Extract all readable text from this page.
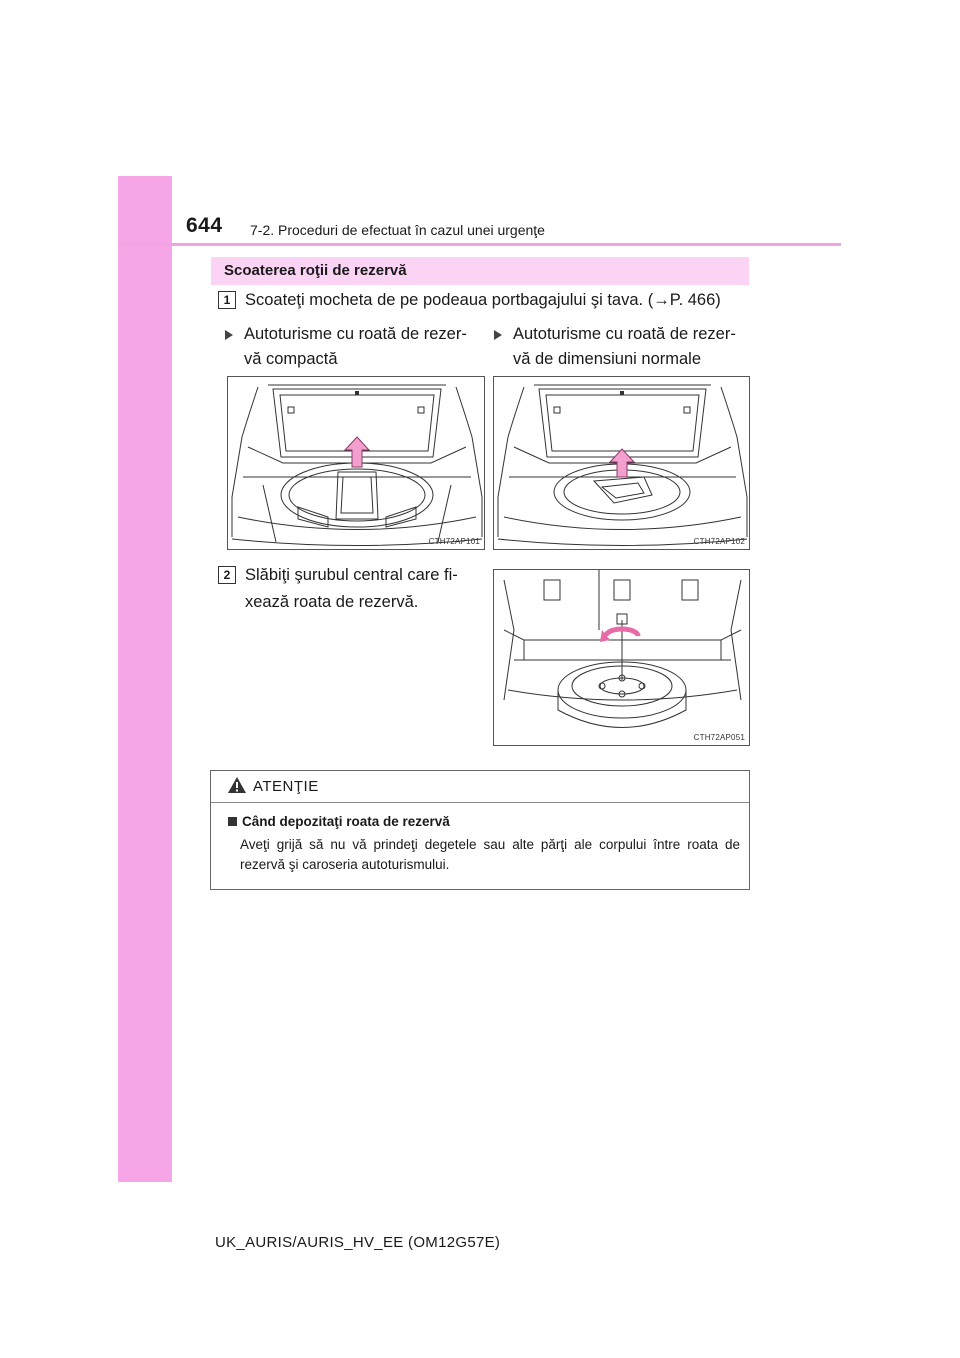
644 7-2. Proceduri de efectuat în cazul unei urgenţe
Scoaterea roţii de rezervă
1 Scoateţi mocheta de pe podeaua portbagajului şi tava. (→P. 466)
Autoturisme cu roată de rezer-
vă compactă
Autoturisme cu roată de rezer-
vă de dimensiuni normale
CTH72AP101	CTH72AP102
2 Slăbiţi şurubul central care fi-
xează roata de rezervă.
CTH72AP051
ATENŢIE
Când depozitaţi roata de rezervă
Aveţi grijă să nu vă prindeţi degetele sau alte părţi ale corpului între roata de rezervă şi caroseria autoturismului.
UK_AURIS/AURIS_HV_EE (OM12G57E)
